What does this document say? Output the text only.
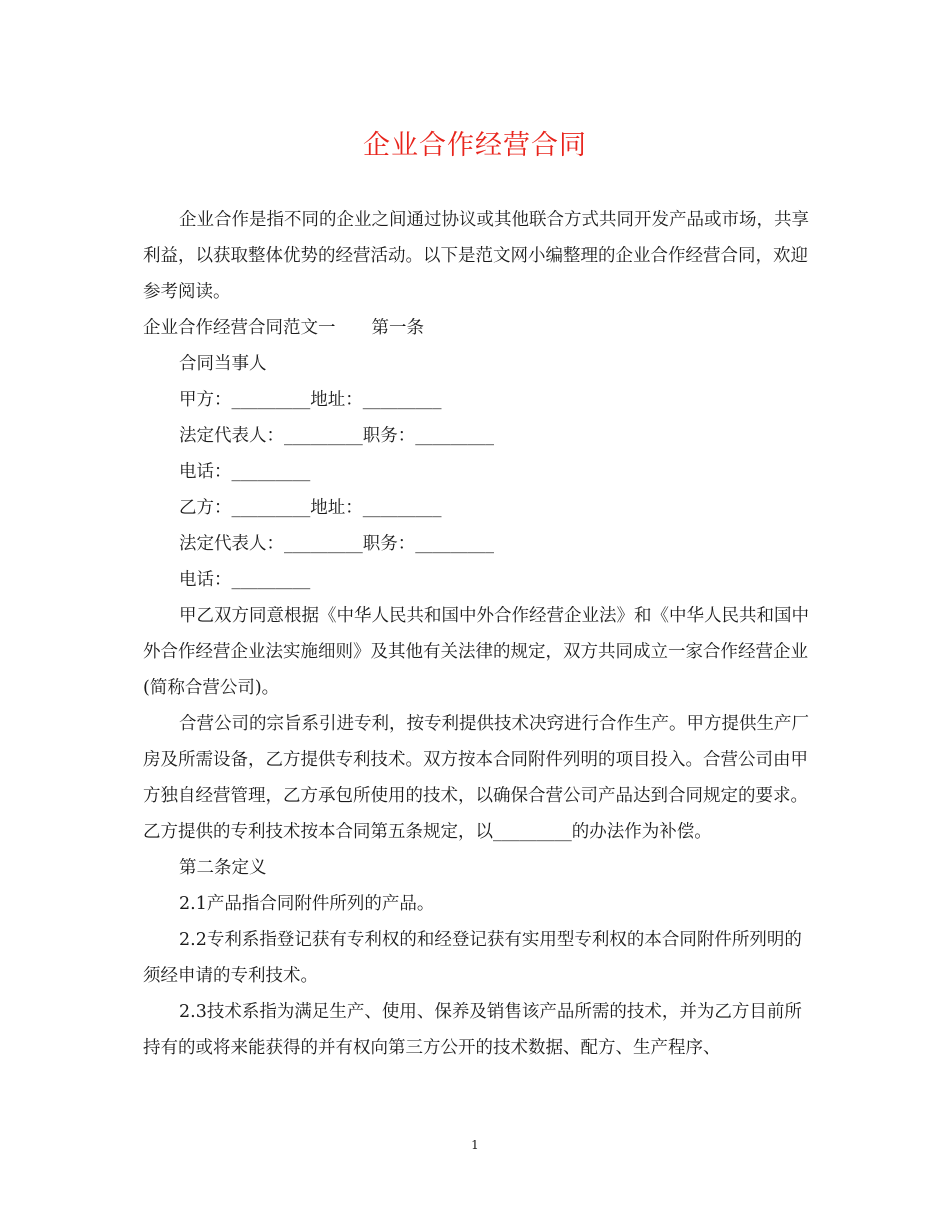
企业合作经营合同

企业合作是指不同的企业之间通过协议或其他联合方式共同开发产品或市场，共享利益，以获取整体优势的经营活动。以下是范文网小编整理的企业合作经营合同，欢迎参考阅读。

企业合作经营合同范文一 第一条

合同当事人

甲方：_________地址：_________

法定代表人：_________职务：_________

电话：_________

乙方：_________地址：_________

法定代表人：_________职务：_________

电话：_________

甲乙双方同意根据《中华人民共和国中外合作经营企业法》和《中华人民共和国中外合作经营企业法实施细则》及其他有关法律的规定，双方共同成立一家合作经营企业(简称合营公司)。

合营公司的宗旨系引进专利，按专利提供技术决窍进行合作生产。甲方提供生产厂房及所需设备，乙方提供专利技术。双方按本合同附件列明的项目投入。合营公司由甲方独自经营管理，乙方承包所使用的技术，以确保合营公司产品达到合同规定的要求。乙方提供的专利技术按本合同第五条规定，以_________的办法作为补偿。

第二条定义

2.1产品指合同附件所列的产品。

2.2专利系指登记获有专利权的和经登记获有实用型专利权的本合同附件所列明的须经申请的专利技术。

2.3技术系指为满足生产、使用、保养及销售该产品所需的技术，并为乙方目前所持有的或将来能获得的并有权向第三方公开的技术数据、配方、生产程序、

1
